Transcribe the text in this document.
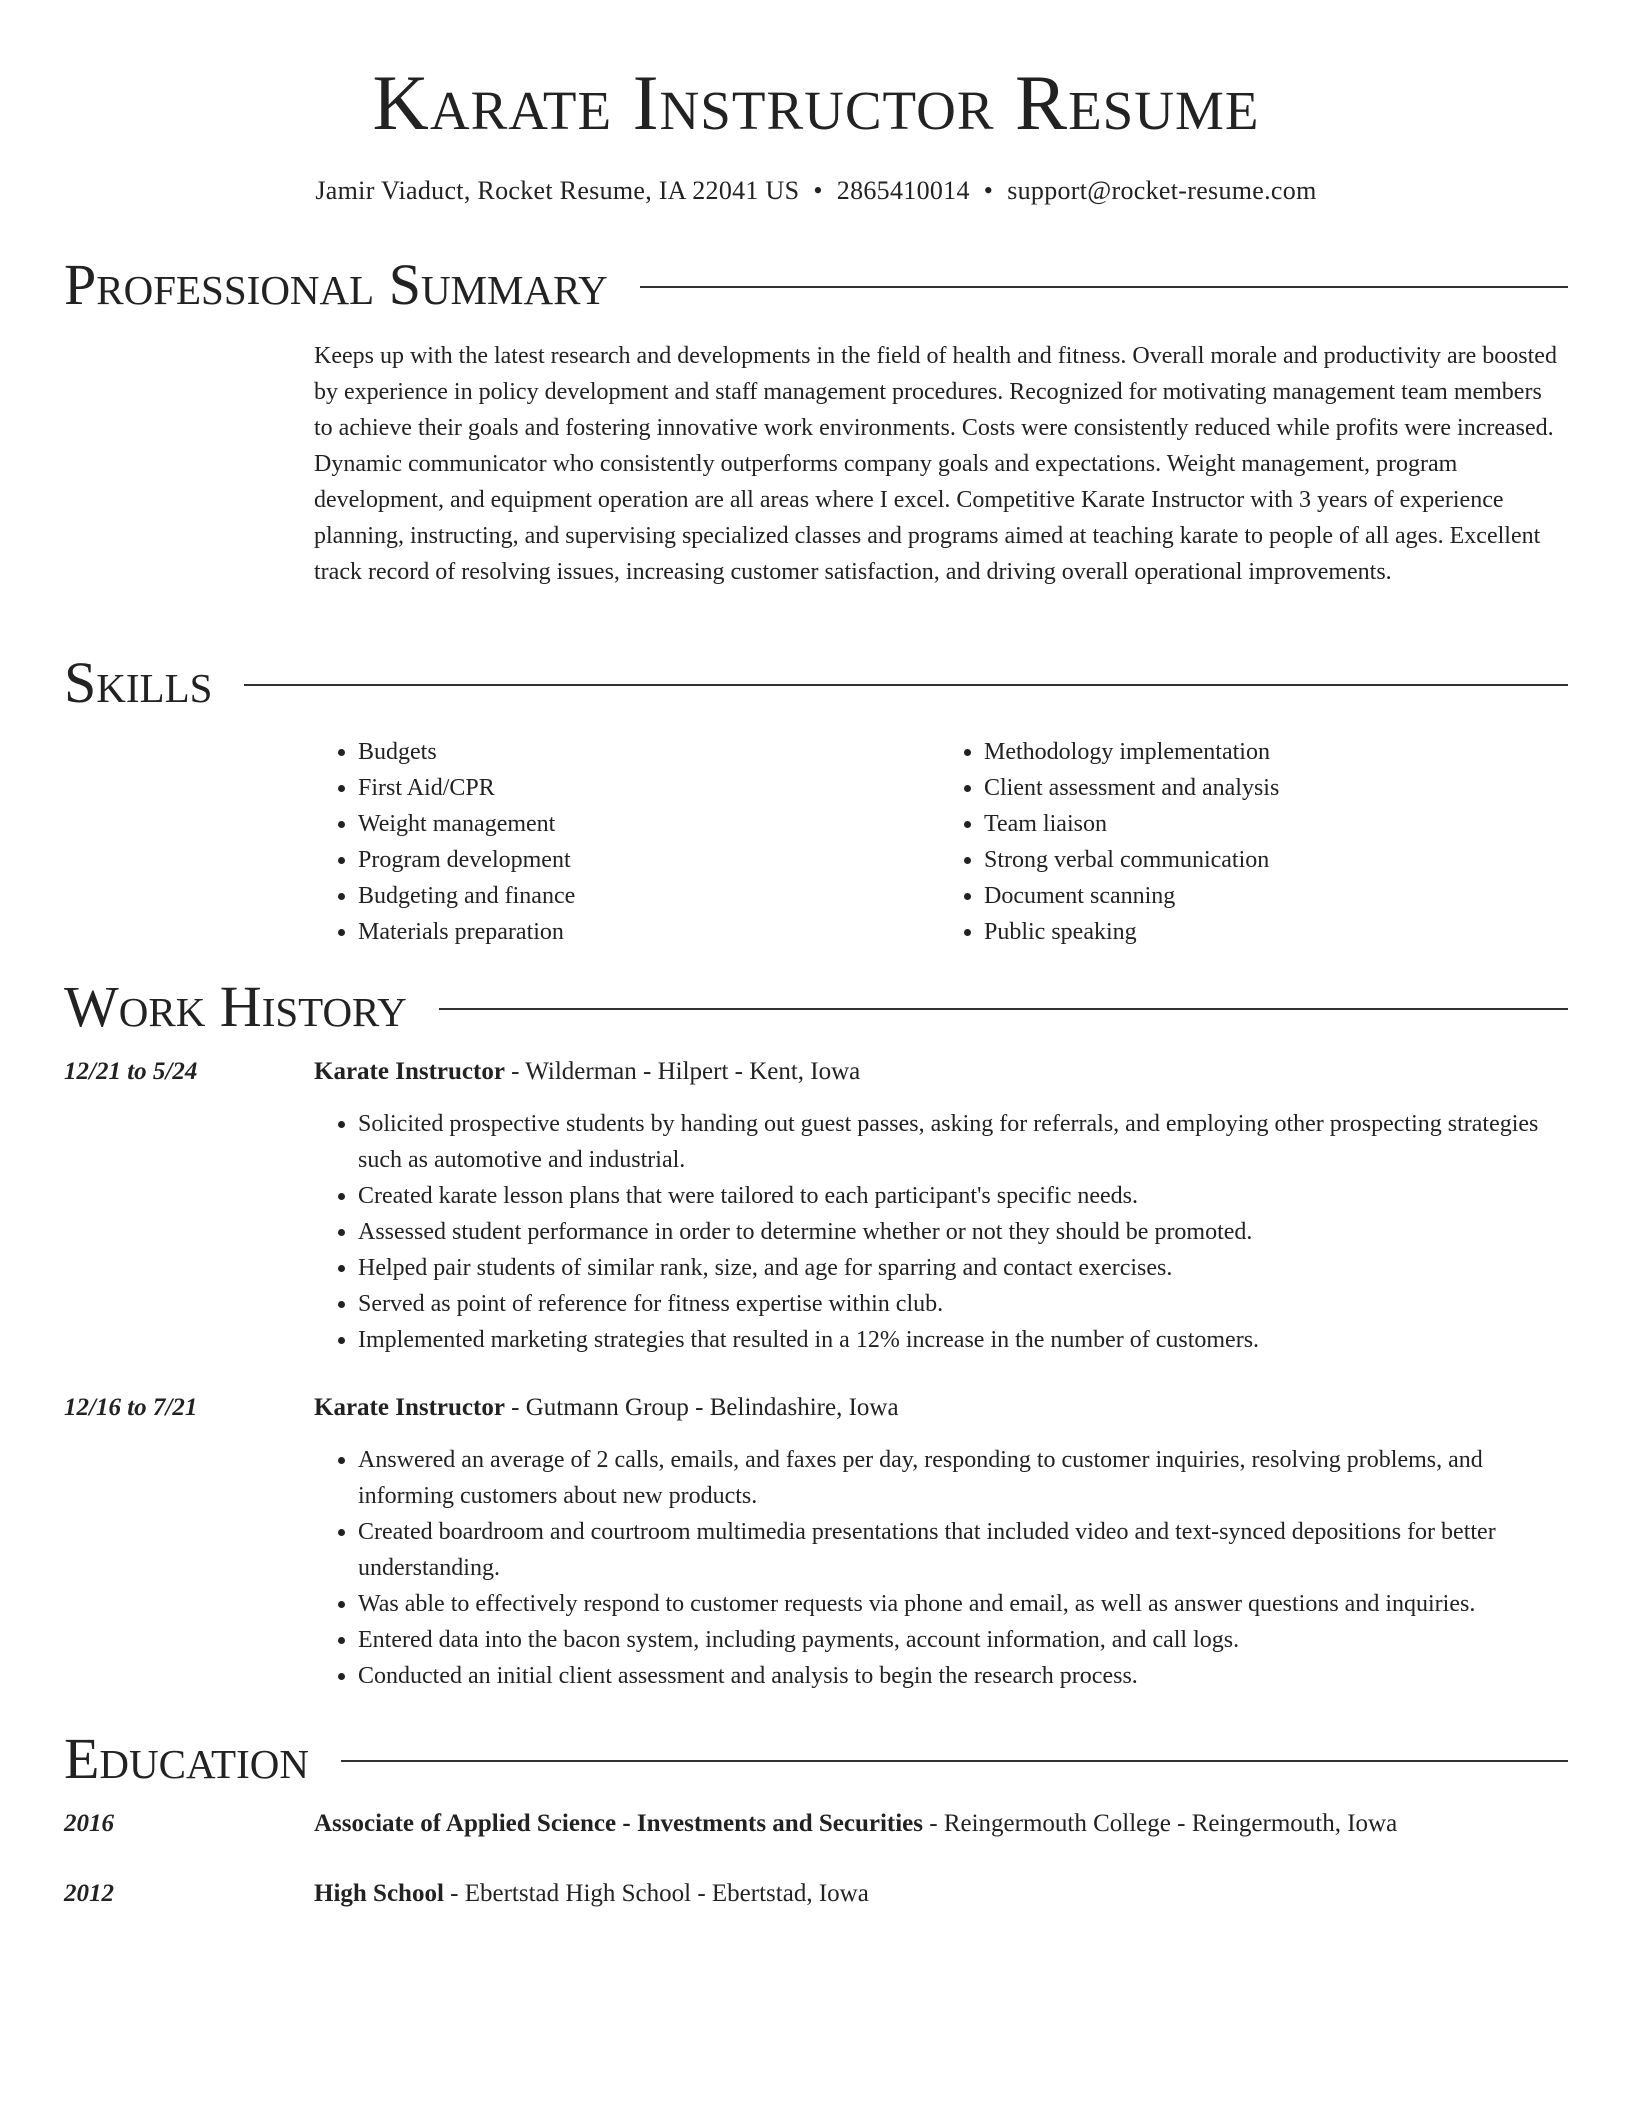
Karate Instructor Resume
Jamir Viaduct, Rocket Resume, IA 22041 US • 2865410014 • support@rocket-resume.com
Professional Summary

Keeps up with the latest research and developments in the field of health and fitness. Overall morale and productivity are boosted by experience in policy development and staff management procedures. Recognized for motivating management team members to achieve their goals and fostering innovative work environments. Costs were consistently reduced while profits were increased. Dynamic communicator who consistently outperforms company goals and expectations. Weight management, program development, and equipment operation are all areas where I excel. Competitive Karate Instructor with 3 years of experience planning, instructing, and supervising specialized classes and programs aimed at teaching karate to people of all ages. Excellent track record of resolving issues, increasing customer satisfaction, and driving overall operational improvements.

Skills
• Budgets
• First Aid/CPR
• Weight management
• Program development
• Budgeting and finance
• Materials preparation
• Methodology implementation
• Client assessment and analysis
• Team liaison
• Strong verbal communication
• Document scanning
• Public speaking
Work History
12/21 to 5/24	Karate Instructor - Wilderman - Hilpert - Kent, Iowa
• Solicited prospective students by handing out guest passes, asking for referrals, and employing other prospecting strategies such as automotive and industrial.
• Created karate lesson plans that were tailored to each participant's specific needs.
• Assessed student performance in order to determine whether or not they should be promoted.
• Helped pair students of similar rank, size, and age for sparring and contact exercises.
• Served as point of reference for fitness expertise within club.
• Implemented marketing strategies that resulted in a 12% increase in the number of customers.
12/16 to 7/21	Karate Instructor - Gutmann Group - Belindashire, Iowa
• Answered an average of 2 calls, emails, and faxes per day, responding to customer inquiries, resolving problems, and informing customers about new products.
• Created boardroom and courtroom multimedia presentations that included video and text-synced depositions for better understanding.
• Was able to effectively respond to customer requests via phone and email, as well as answer questions and inquiries.
• Entered data into the bacon system, including payments, account information, and call logs.
• Conducted an initial client assessment and analysis to begin the research process.
Education
2016	Associate of Applied Science - Investments and Securities - Reingermouth College - Reingermouth, Iowa
2012	High School - Ebertstad High School - Ebertstad, Iowa
